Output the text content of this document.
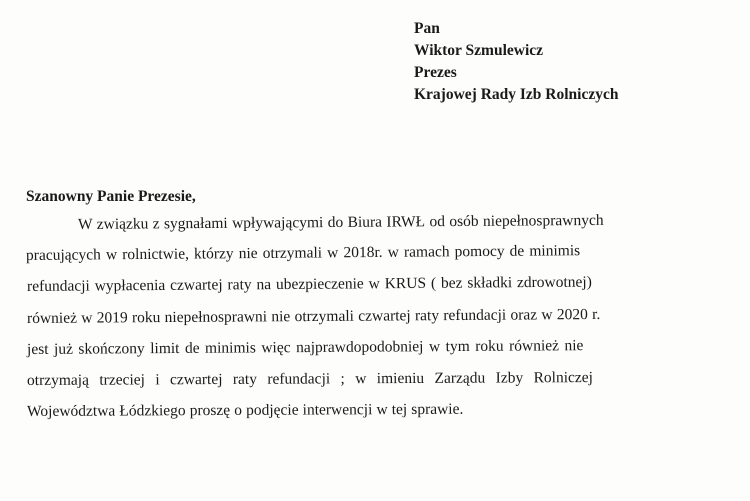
Pan
Wiktor Szmulewicz
Prezes
Krajowej Rady Izb Rolniczych
Szanowny Panie Prezesie,
W związku z sygnałami wpływającymi do Biura IRWŁ od osób niepełnosprawnych
pracujących w rolnictwie, którzy nie otrzymali w 2018r. w ramach pomocy de minimis
refundacji wypłacenia czwartej raty na ubezpieczenie w KRUS ( bez składki zdrowotnej)
również w 2019 roku niepełnosprawni nie otrzymali czwartej raty refundacji oraz w 2020 r.
jest już skończony limit de minimis więc najprawdopodobniej w tym roku również nie
otrzymają trzeciej i czwartej raty refundacji ; w imieniu Zarządu Izby Rolniczej
Województwa Łódzkiego proszę o podjęcie interwencji w tej sprawie.
